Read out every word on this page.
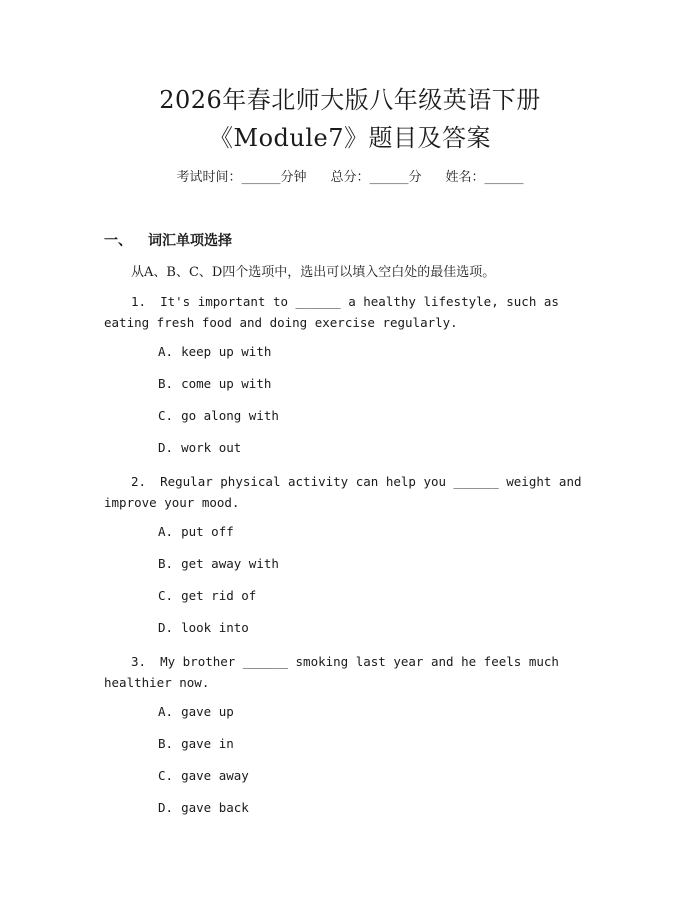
2026年春北师大版八年级英语下册
《Module7》题目及答案
考试时间：______分钟 总分：______分 姓名：______
一、 词汇单项选择
从A、B、C、D四个选项中，选出可以填入空白处的最佳选项。

1. It's important to ______ a healthy lifestyle, such as eating fresh food and doing exercise regularly.

A. keep up with
B. come up with
C. go along with
D. work out

2. Regular physical activity can help you ______ weight and improve your mood.

A. put off
B. get away with
C. get rid of
D. look into

3. My brother ______ smoking last year and he feels much healthier now.

A. gave up
B. gave in
C. gave away
D. gave back
